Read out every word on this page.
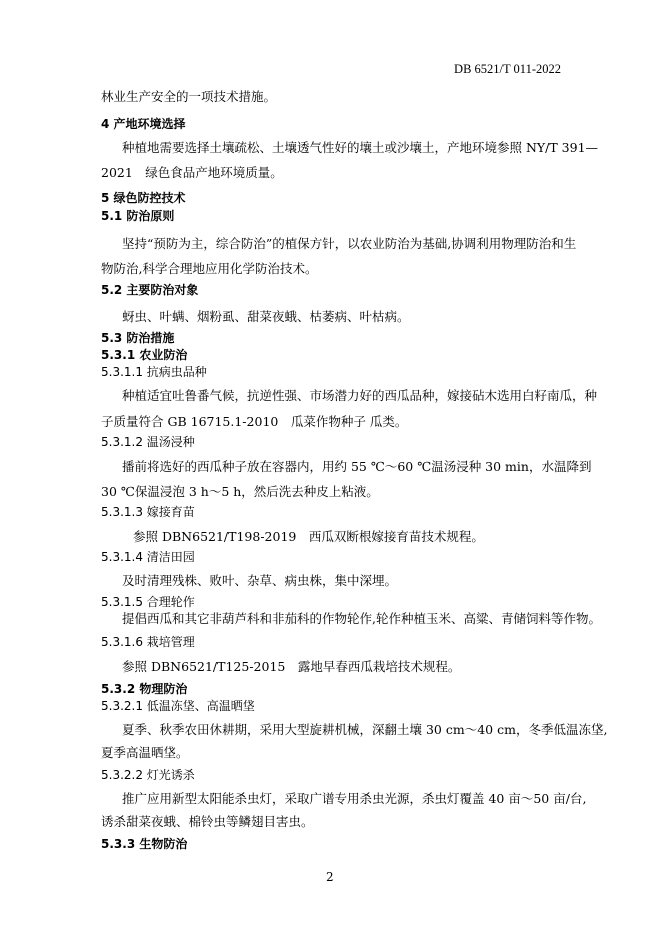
DB 6521/T 011-2022
林业生产安全的一项技术措施。
4 产地环境选择
种植地需要选择土壤疏松、土壤透气性好的壤土或沙壤土，产地环境参照 NY/T 391—
2021　绿色食品产地环境质量。
5 绿色防控技术
5.1 防治原则
坚持“预防为主，综合防治”的植保方针，以农业防治为基础,协调利用物理防治和生
物防治,科学合理地应用化学防治技术。
5.2 主要防治对象
蚜虫、叶螨、烟粉虱、甜菜夜蛾、枯萎病、叶枯病。
5.3 防治措施
5.3.1 农业防治
5.3.1.1 抗病虫品种
种植适宜吐鲁番气候，抗逆性强、市场潜力好的西瓜品种，嫁接砧木选用白籽南瓜，种
子质量符合 GB 16715.1-2010　瓜菜作物种子 瓜类。
5.3.1.2 温汤浸种
播前将选好的西瓜种子放在容器内，用约 55 ℃～60 ℃温汤浸种 30 min，水温降到
30 ℃保温浸泡 3 h～5 h，然后洗去种皮上粘液。
5.3.1.3 嫁接育苗
参照 DBN6521/T198-2019　西瓜双断根嫁接育苗技术规程。
5.3.1.4 清洁田园
及时清理残株、败叶、杂草、病虫株，集中深埋。
5.3.1.5 合理轮作
提倡西瓜和其它非葫芦科和非茄科的作物轮作,轮作种植玉米、高粱、青储饲料等作物。
5.3.1.6 栽培管理
参照 DBN6521/T125-2015　露地早春西瓜栽培技术规程。
5.3.2 物理防治
5.3.2.1 低温冻垡、高温晒垡
夏季、秋季农田休耕期，采用大型旋耕机械，深翻土壤 30 cm～40 cm，冬季低温冻垡,
夏季高温晒垡。
5.3.2.2 灯光诱杀
推广应用新型太阳能杀虫灯，采取广谱专用杀虫光源，杀虫灯覆盖 40 亩～50 亩/台,
诱杀甜菜夜蛾、棉铃虫等鳞翅目害虫。
5.3.3 生物防治
2
